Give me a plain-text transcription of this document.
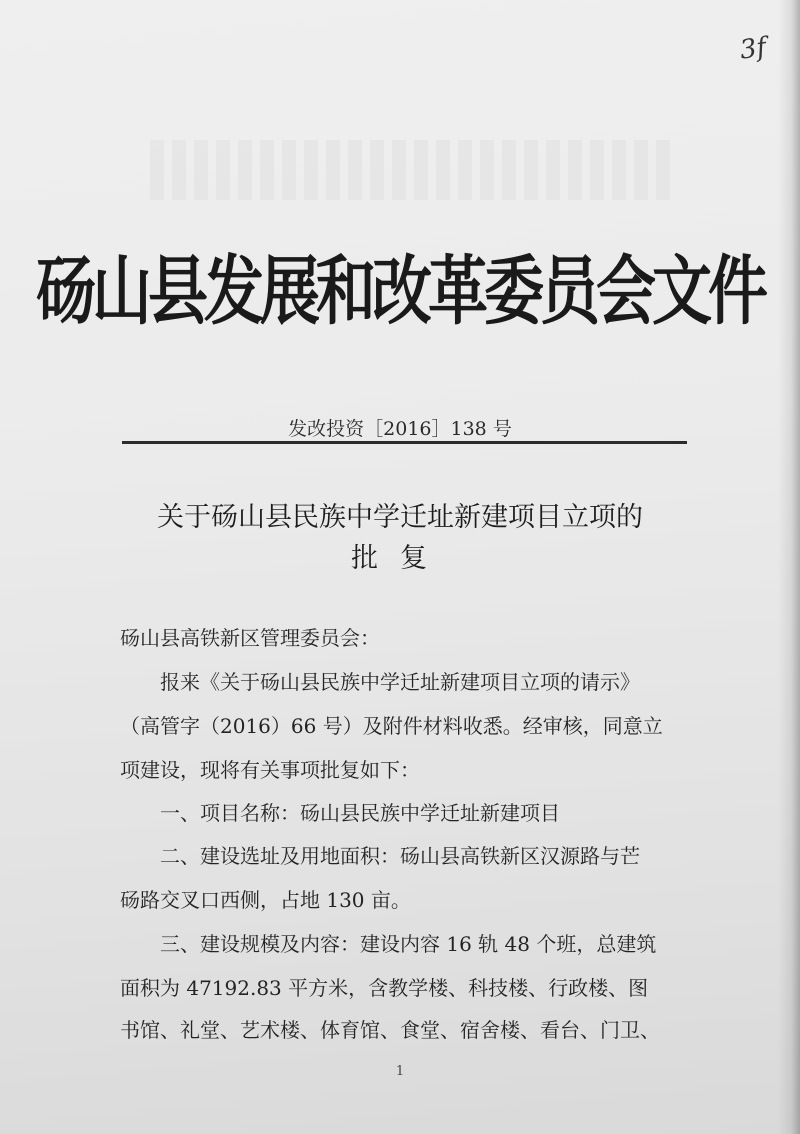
3f
砀山县发展和改革委员会文件
发改投资［2016］138 号
关于砀山县民族中学迁址新建项目立项的
批复
砀山县高铁新区管理委员会：
报来《关于砀山县民族中学迁址新建项目立项的请示》
（高管字（2016）66 号）及附件材料收悉。经审核，同意立
项建设，现将有关事项批复如下：
一、项目名称：砀山县民族中学迁址新建项目
二、建设选址及用地面积：砀山县高铁新区汉源路与芒
砀路交叉口西侧，占地 130 亩。
三、建设规模及内容：建设内容 16 轨 48 个班，总建筑
面积为 47192.83 平方米，含教学楼、科技楼、行政楼、图
书馆、礼堂、艺术楼、体育馆、食堂、宿舍楼、看台、门卫、
1
